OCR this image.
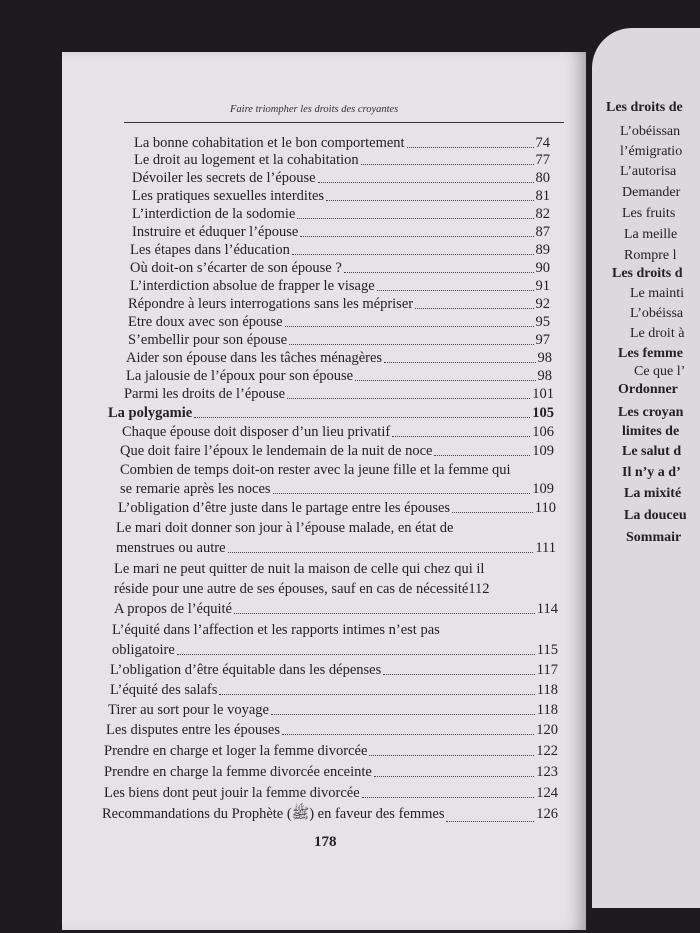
Faire triompher les droits des croyantes
La bonne cohabitation et le bon comportement	74
Le droit au logement et la cohabitation	77
Dévoiler les secrets de l’épouse	80
Les pratiques sexuelles interdites	81
L’interdiction de la sodomie	82
Instruire et éduquer l’épouse	87
Les étapes dans l’éducation	89
Où doit-on s’écarter de son épouse ?	90
L’interdiction absolue de frapper le visage	91
Répondre à leurs interrogations sans les mépriser	92
Etre doux avec son épouse	95
S’embellir pour son épouse	97
Aider son épouse dans les tâches ménagères	98
La jalousie de l’époux pour son épouse	98
Parmi les droits de l’épouse	101
La polygamie	105
Chaque épouse doit disposer d’un lieu privatif	106
Que doit faire l’époux le lendemain de la nuit de noce	109
Combien de temps doit-on rester avec la jeune fille et la femme qui
se remarie après les noces	109
L’obligation d’être juste dans le partage entre les épouses	110
Le mari doit donner son jour à l’épouse malade, en état de
menstrues ou autre	111
Le mari ne peut quitter de nuit la maison de celle qui chez qui il
réside pour une autre de ses épouses, sauf en cas de nécessité 112
A propos de l’équité	114
L’équité dans l’affection et les rapports intimes n’est pas
obligatoire	115
L’obligation d’être équitable dans les dépenses	117
L’équité des salafs	118
Tirer au sort pour le voyage	118
Les disputes entre les épouses	120
Prendre en charge et loger la femme divorcée	122
Prendre en charge la femme divorcée enceinte	123
Les biens dont peut jouir la femme divorcée	124
Recommandations du Prophète (ﷺ) en faveur des femmes	126
178
Les droits de
L’obéissan
l’émigratio
L’autorisa
Demander
Les fruits
La meille
Rompre l
Les droits d
Le mainti
L’obéissa
Le droit à
Les femme
Ce que l’
Ordonner
Les croyan
limites de
Le salut d
Il n’y a d’
La mixité
La douceu
Sommair
